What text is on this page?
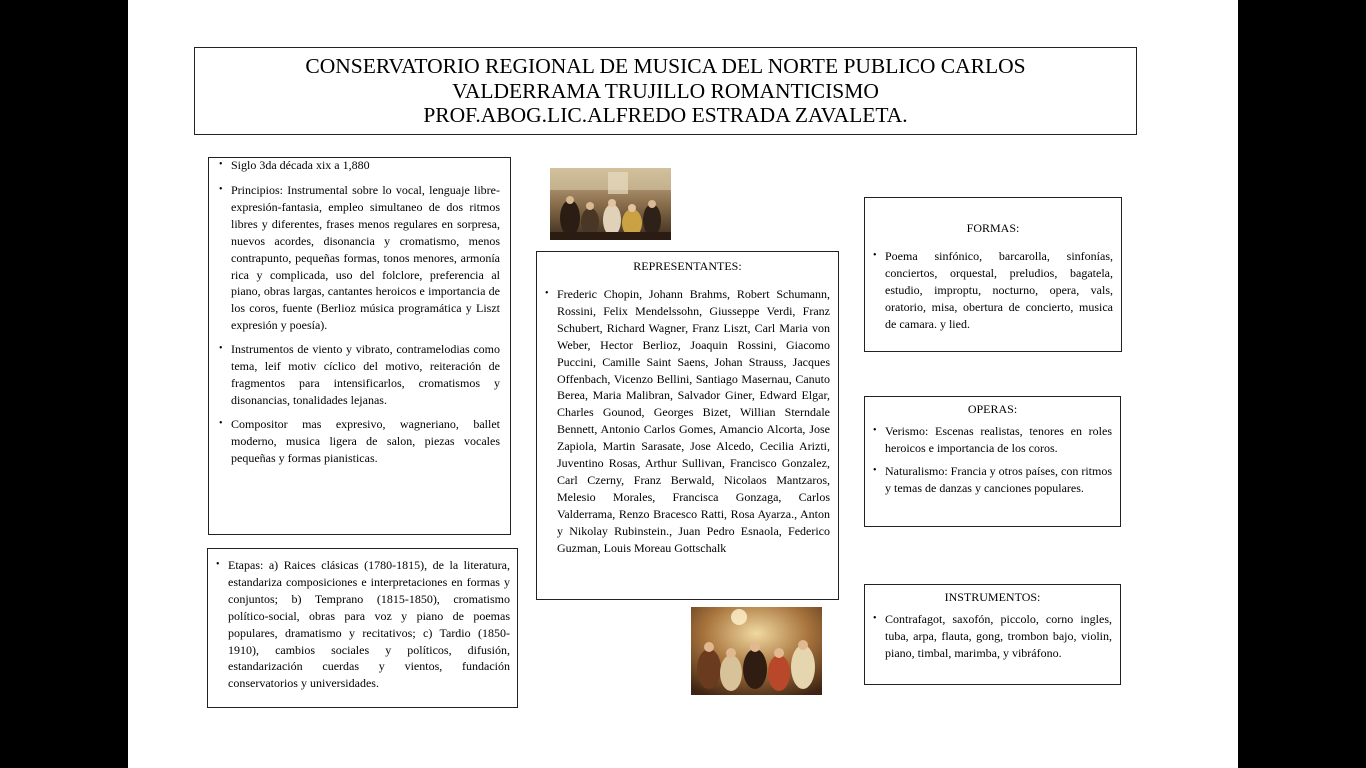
CONSERVATORIO REGIONAL DE MUSICA DEL NORTE PUBLICO CARLOS
VALDERRAMA TRUJILLO ROMANTICISMO
PROF.ABOG.LIC.ALFREDO ESTRADA ZAVALETA.
• Siglo 3da década xix a 1,880
• Principios: Instrumental sobre lo vocal, lenguaje libre-expresión-fantasia, empleo simultaneo de dos ritmos libres y diferentes, frases menos regulares en sorpresa, nuevos acordes, disonancia y cromatismo, menos contrapunto, pequeñas formas, tonos menores, armonía rica y complicada, uso del folclore, preferencia al piano, obras largas, cantantes heroicos e importancia de los coros, fuente (Berlioz música programática y Liszt expresión y poesía).
• Instrumentos de viento y vibrato, contramelodias como tema, leif motiv cíclico del motivo, reiteración de fragmentos para intensificarlos, cromatismos y disonancias, tonalidades lejanas.
• Compositor mas expresivo, wagneriano, ballet moderno, musica ligera de salon, piezas vocales pequeñas y formas pianisticas.
• Etapas: a) Raices clásicas (1780-1815), de la literatura, estandariza composiciones e interpretaciones en formas y conjuntos; b) Temprano (1815-1850), cromatismo político-social, obras para voz y piano de poemas populares, dramatismo y recitativos; c) Tardio (1850-1910), cambios sociales y políticos, difusión, estandarización cuerdas y vientos, fundación conservatorios y universidades.
REPRESENTANTES:
• Frederic Chopin, Johann Brahms, Robert Schumann, Rossini, Felix Mendelssohn, Giusseppe Verdi, Franz Schubert, Richard Wagner, Franz Liszt, Carl Maria von Weber, Hector Berlioz, Joaquin Rossini, Giacomo Puccini, Camille Saint Saens, Johan Strauss, Jacques Offenbach, Vicenzo Bellini, Santiago Masernau, Canuto Berea, Maria Malibran, Salvador Giner, Edward Elgar, Charles Gounod, Georges Bizet, Willian Sterndale Bennett, Antonio Carlos Gomes, Amancio Alcorta, Jose Zapiola, Martin Sarasate, Jose Alcedo, Cecilia Arizti, Juventino Rosas, Arthur Sullivan, Francisco Gonzalez, Carl Czerny, Franz Berwald, Nicolaos Mantzaros, Melesio Morales, Francisca Gonzaga, Carlos Valderrama, Renzo Bracesco Ratti, Rosa Ayarza., Anton y Nikolay Rubinstein., Juan Pedro Esnaola, Federico Guzman, Louis Moreau Gottschalk
FORMAS:
• Poema sinfónico, barcarolla, sinfonías, conciertos, orquestal, preludios, bagatela, estudio, improptu, nocturno, opera, vals, oratorio, misa, obertura de concierto, musica de camara. y lied.
OPERAS:
• Verismo: Escenas realistas, tenores en roles heroicos e importancia de los coros.
• Naturalismo: Francia y otros países, con ritmos y temas de danzas y canciones populares.
INSTRUMENTOS:
• Contrafagot, saxofón, piccolo, corno ingles, tuba, arpa, flauta, gong, trombon bajo, violin, piano, timbal, marimba, y vibráfono.
